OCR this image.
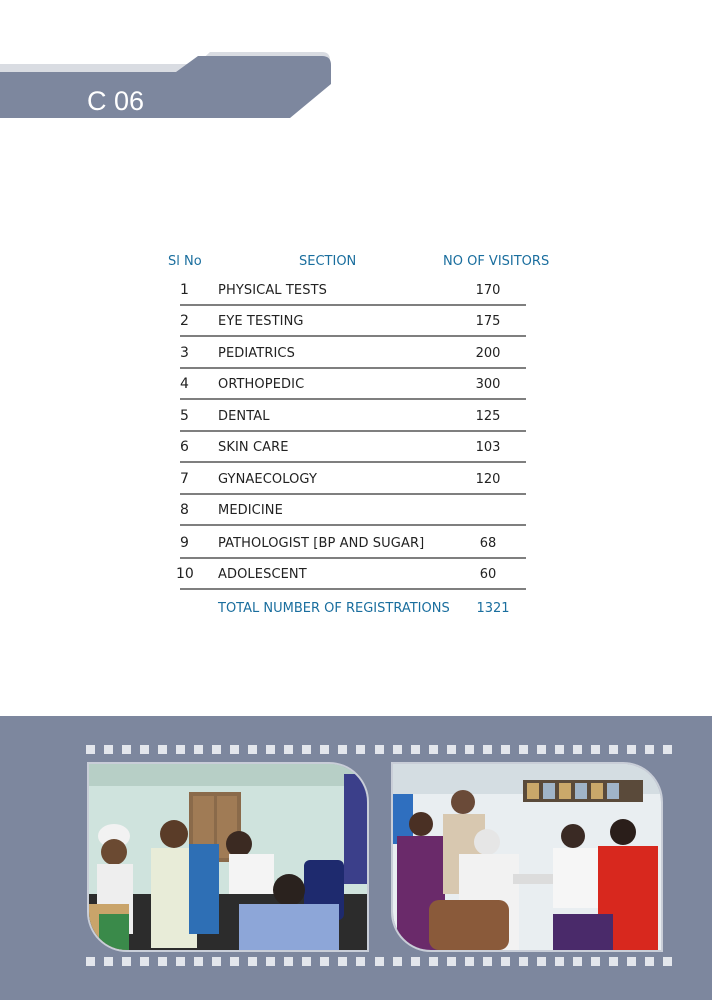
C 06
Sl No	SECTION	NO OF VISITORS
1 PHYSICAL TESTS	170
2 EYE TESTING	175
3 PEDIATRICS	200
4 ORTHOPEDIC	300
5 DENTAL	125
6 SKIN CARE	103
7 GYNAECOLOGY	120
8 MEDICINE
9 PATHOLOGIST [BP AND SUGAR]	68
10 ADOLESCENT	60
TOTAL NUMBER OF REGISTRATIONS	1321
